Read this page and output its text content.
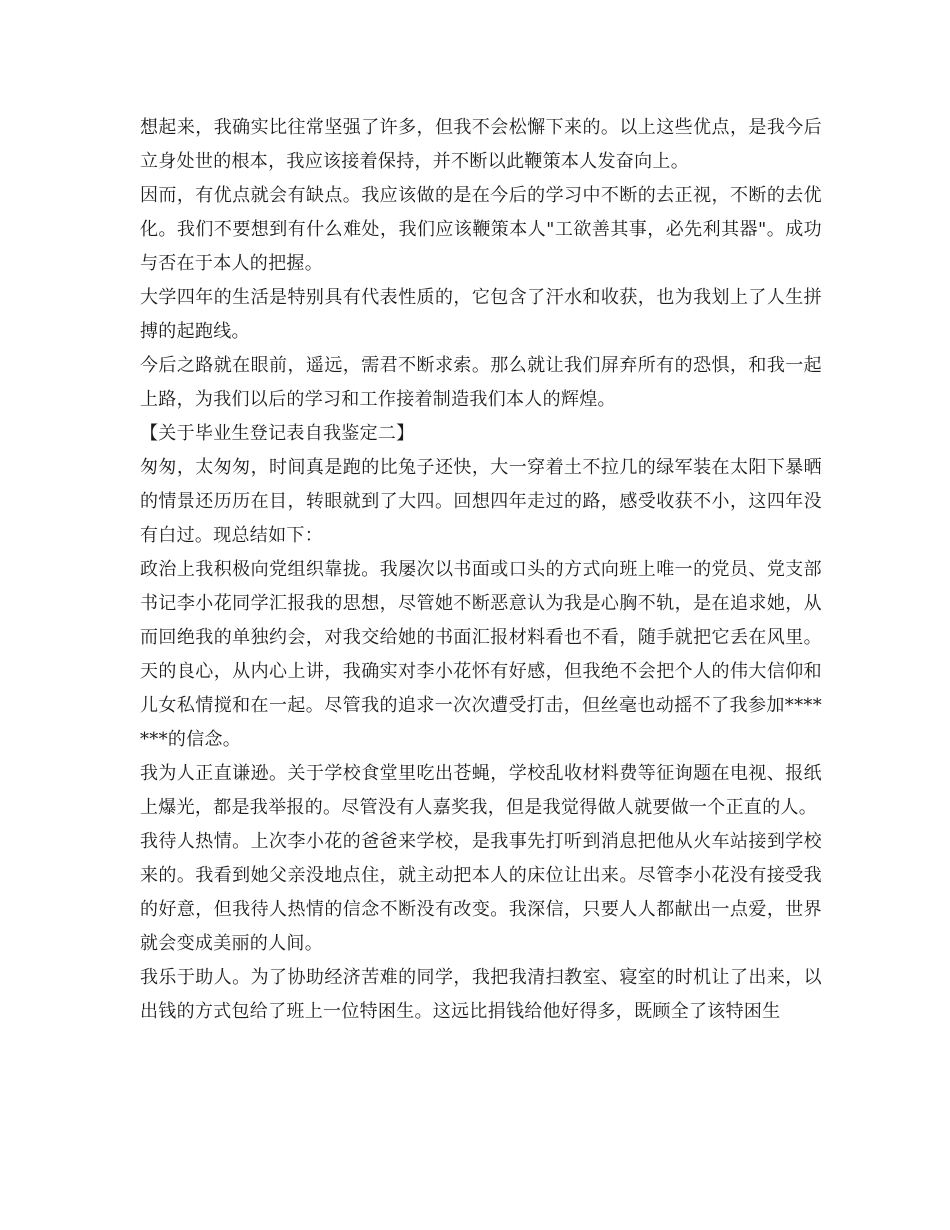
想起来，我确实比往常坚强了许多，但我不会松懈下来的。以上这些优点，是我今后立身处世的根本，我应该接着保持，并不断以此鞭策本人发奋向上。

因而，有优点就会有缺点。我应该做的是在今后的学习中不断的去正视，不断的去优化。我们不要想到有什么难处，我们应该鞭策本人"工欲善其事，必先利其器"。成功与否在于本人的把握。

大学四年的生活是特别具有代表性质的，它包含了汗水和收获，也为我划上了人生拼搏的起跑线。

今后之路就在眼前，遥远，需君不断求索。那么就让我们屏弃所有的恐惧，和我一起上路，为我们以后的学习和工作接着制造我们本人的辉煌。

【关于毕业生登记表自我鉴定二】

匆匆，太匆匆，时间真是跑的比兔子还快，大一穿着土不拉几的绿军装在太阳下暴晒的情景还历历在目，转眼就到了大四。回想四年走过的路，感受收获不小，这四年没有白过。现总结如下：

政治上我积极向党组织靠拢。我屡次以书面或口头的方式向班上唯一的党员、党支部书记李小花同学汇报我的思想，尽管她不断恶意认为我是心胸不轨，是在追求她，从而回绝我的单独约会，对我交给她的书面汇报材料看也不看，随手就把它丢在风里。天的良心，从内心上讲，我确实对李小花怀有好感，但我绝不会把个人的伟大信仰和儿女私情搅和在一起。尽管我的追求一次次遭受打击，但丝毫也动摇不了我参加*******的信念。

我为人正直谦逊。关于学校食堂里吃出苍蝇，学校乱收材料费等征询题在电视、报纸上爆光，都是我举报的。尽管没有人嘉奖我，但是我觉得做人就要做一个正直的人。

我待人热情。上次李小花的爸爸来学校，是我事先打听到消息把他从火车站接到学校来的。我看到她父亲没地点住，就主动把本人的床位让出来。尽管李小花没有接受我的好意，但我待人热情的信念不断没有改变。我深信，只要人人都献出一点爱，世界就会变成美丽的人间。

我乐于助人。为了协助经济苦难的同学，我把我清扫教室、寝室的时机让了出来，以出钱的方式包给了班上一位特困生。这远比捐钱给他好得多，既顾全了该特困生
